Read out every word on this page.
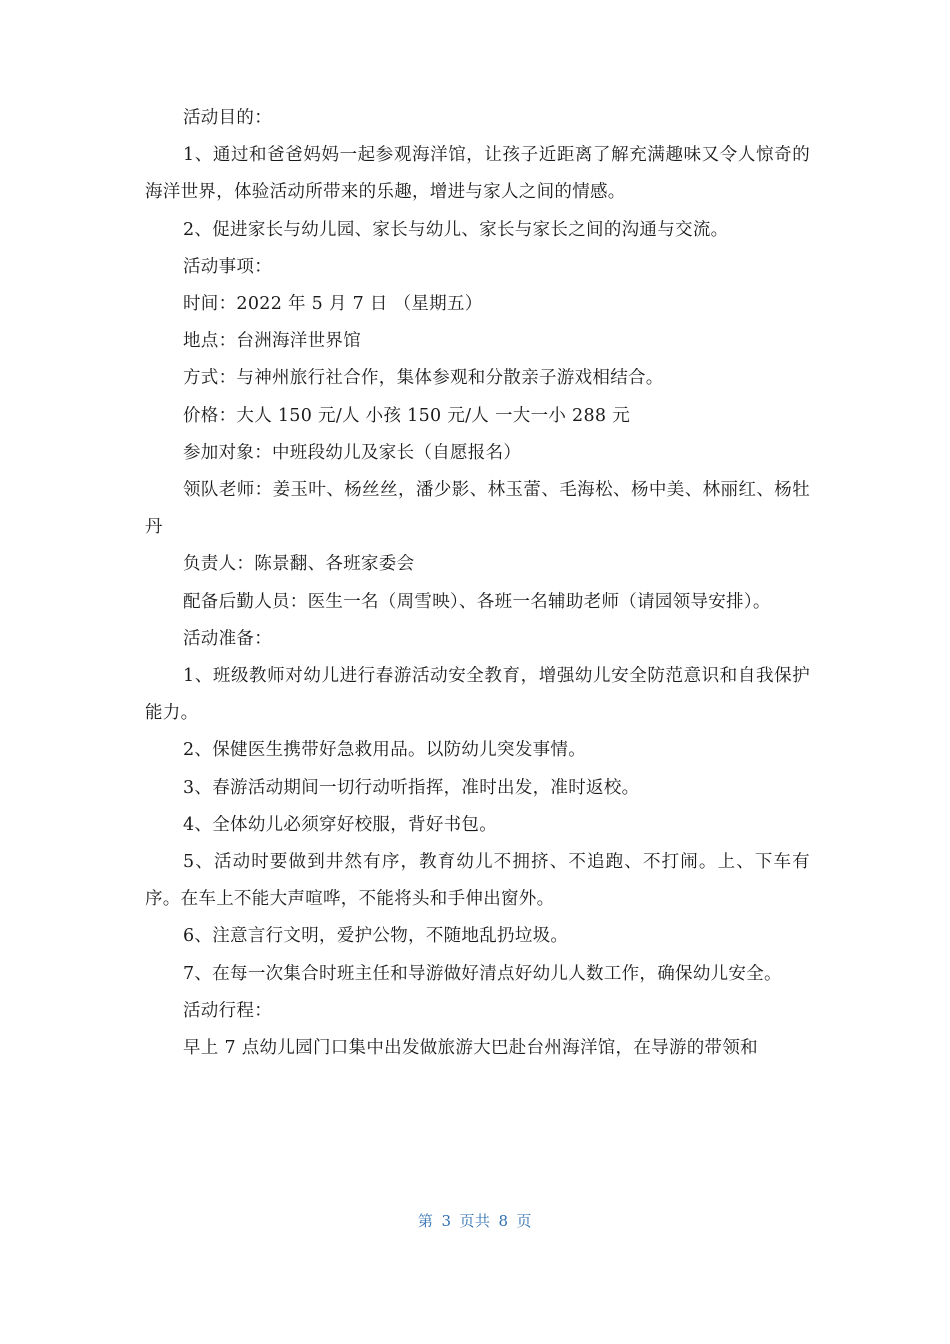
活动目的：

1、通过和爸爸妈妈一起参观海洋馆，让孩子近距离了解充满趣味又令人惊奇的海洋世界，体验活动所带来的乐趣，增进与家人之间的情感。

2、促进家长与幼儿园、家长与幼儿、家长与家长之间的沟通与交流。

活动事项：

时间：2022 年 5 月 7 日 （星期五）

地点：台洲海洋世界馆

方式：与神州旅行社合作，集体参观和分散亲子游戏相结合。

价格：大人 150 元/人 小孩 150 元/人 一大一小 288 元

参加对象：中班段幼儿及家长（自愿报名）

领队老师：姜玉叶、杨丝丝，潘少影、林玉蕾、毛海松、杨中美、林丽红、杨牡丹

负责人：陈景翻、各班家委会

配备后勤人员：医生一名（周雪映）、各班一名辅助老师（请园领导安排）。

活动准备：

1、班级教师对幼儿进行春游活动安全教育，增强幼儿安全防范意识和自我保护能力。

2、保健医生携带好急救用品。以防幼儿突发事情。

3、春游活动期间一切行动听指挥，准时出发，准时返校。

4、全体幼儿必须穿好校服，背好书包。

5、活动时要做到井然有序，教育幼儿不拥挤、不追跑、不打闹。上、下车有序。在车上不能大声喧哗，不能将头和手伸出窗外。

6、注意言行文明，爱护公物，不随地乱扔垃圾。

7、在每一次集合时班主任和导游做好清点好幼儿人数工作，确保幼儿安全。

活动行程：

早上 7 点幼儿园门口集中出发做旅游大巴赴台州海洋馆，在导游的带领和

第 3 页共 8 页
